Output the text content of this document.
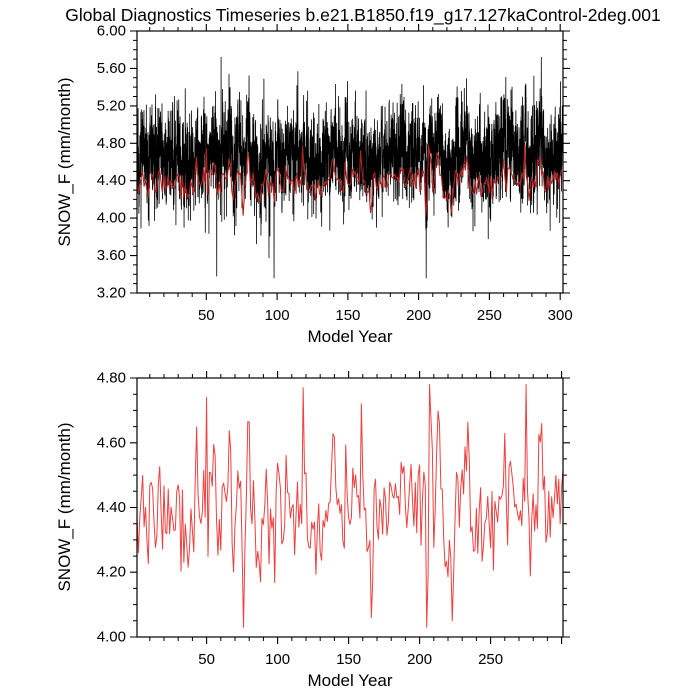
Global Diagnostics Timeseries b.e21.B1850.f19_g17.127kaControl-2deg.001
50	100	150	200	250	300
3.20
3.60
4.00
4.40
4.80
5.20
5.60
6.00
50	100	150	200	250
4.00
4.20
4.40
4.60
4.80
SNOW_F (mm/month)
Model Year
SNOW_F (mm/month)
Model Year
